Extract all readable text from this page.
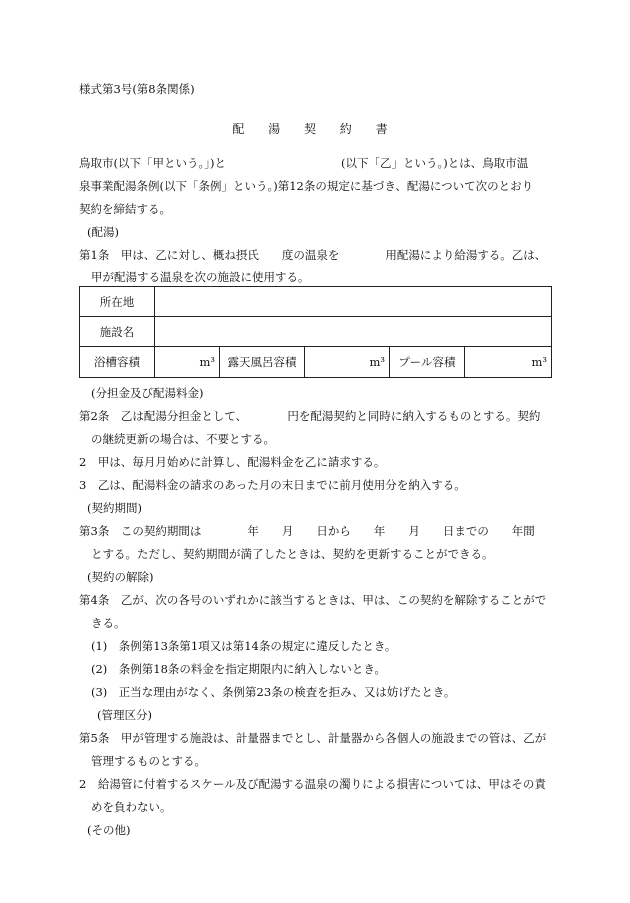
様式第3号(第8条関係)
配 湯 契 約 書
鳥取市(以下「甲という。」)と　　　　　　　　　　(以下「乙」という。)とは、鳥取市温
泉事業配湯条例(以下「条例」という。)第12条の規定に基づき、配湯について次のとおり
契約を締結する。
(配湯)
第1条　甲は、乙に対し、概ね摂氏　　度の温泉を　　　　用配湯により給湯する。乙は、
甲が配湯する温泉を次の施設に使用する。
所在地					
施設名					
浴槽容積	m³	露天風呂容積	m³	プール容積	m³
(分担金及び配湯料金)
第2条　乙は配湯分担金として、　　　　円を配湯契約と同時に納入するものとする。契約
の継続更新の場合は、不要とする。
2　甲は、毎月月始めに計算し、配湯料金を乙に請求する。
3　乙は、配湯料金の請求のあった月の末日までに前月使用分を納入する。
(契約期間)
第3条　この契約期間は　　　　年　　月　　日から　　年　　月　　日までの　　年間
とする。ただし、契約期間が満了したときは、契約を更新することができる。
(契約の解除)
第4条　乙が、次の各号のいずれかに該当するときは、甲は、この契約を解除することがで
きる。
(1)　条例第13条第1項又は第14条の規定に違反したとき。
(2)　条例第18条の料金を指定期限内に納入しないとき。
(3)　正当な理由がなく、条例第23条の検査を拒み、又は妨げたとき。
(管理区分)
第5条　甲が管理する施設は、計量器までとし、計量器から各個人の施設までの管は、乙が
管理するものとする。
2　給湯管に付着するスケール及び配湯する温泉の濁りによる損害については、甲はその責
めを負わない。
(その他)
